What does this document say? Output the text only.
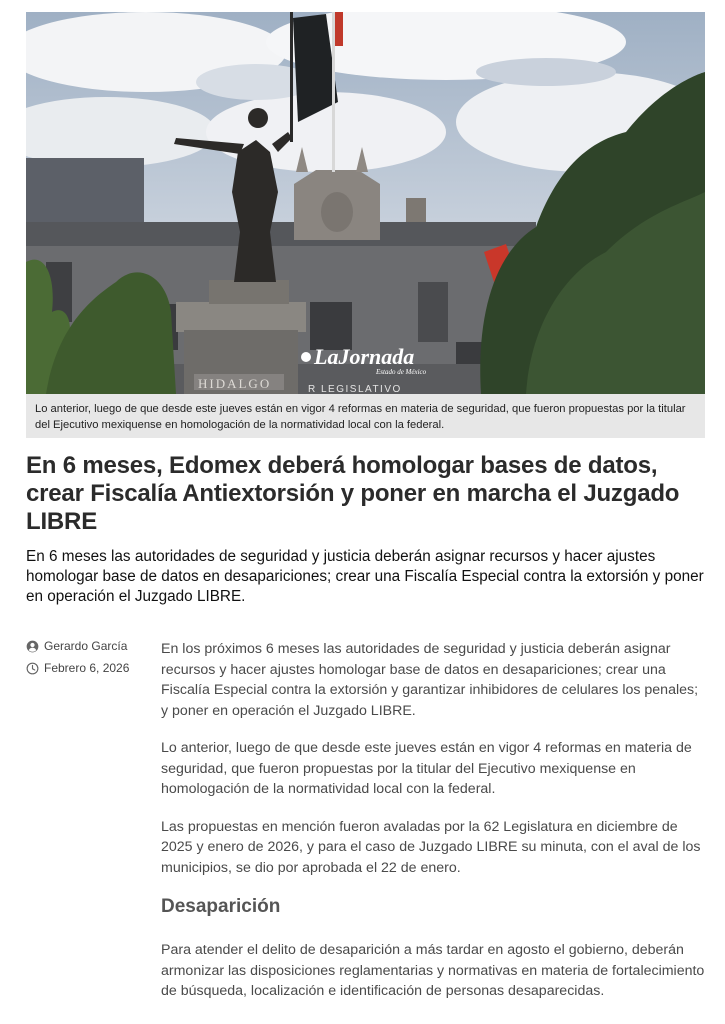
HIDALGO	R LEGISLATIVO
LaJornada
Estado de México
Lo anterior, luego de que desde este jueves están en vigor 4 reformas en materia de seguridad, que fueron propuestas por la titular del Ejecutivo mexiquense en homologación de la normatividad local con la federal.
En 6 meses, Edomex deberá homologar bases de datos, crear Fiscalía Antiextorsión y poner en marcha el Juzgado LIBRE
En 6 meses las autoridades de seguridad y justicia deberán asignar recursos y hacer ajustes homologar base de datos en desapariciones; crear una Fiscalía Especial contra la extorsión y poner en operación el Juzgado LIBRE.
Gerardo García
Febrero 6, 2026

En los próximos 6 meses las autoridades de seguridad y justicia deberán asignar recursos y hacer ajustes homologar base de datos en desapariciones; crear una Fiscalía Especial contra la extorsión y garantizar inhibidores de celulares los penales; y poner en operación el Juzgado LIBRE.

Lo anterior, luego de que desde este jueves están en vigor 4 reformas en materia de seguridad, que fueron propuestas por la titular del Ejecutivo mexiquense en homologación de la normatividad local con la federal.

Las propuestas en mención fueron avaladas por la 62 Legislatura en diciembre de 2025 y enero de 2026, y para el caso de Juzgado LIBRE su minuta, con el aval de los municipios, se dio por aprobada el 22 de enero.

Desaparición

Para atender el delito de desaparición a más tardar en agosto el gobierno, deberán armonizar las disposiciones reglamentarias y normativas en materia de fortalecimiento de búsqueda, localización e identificación de personas desaparecidas.
